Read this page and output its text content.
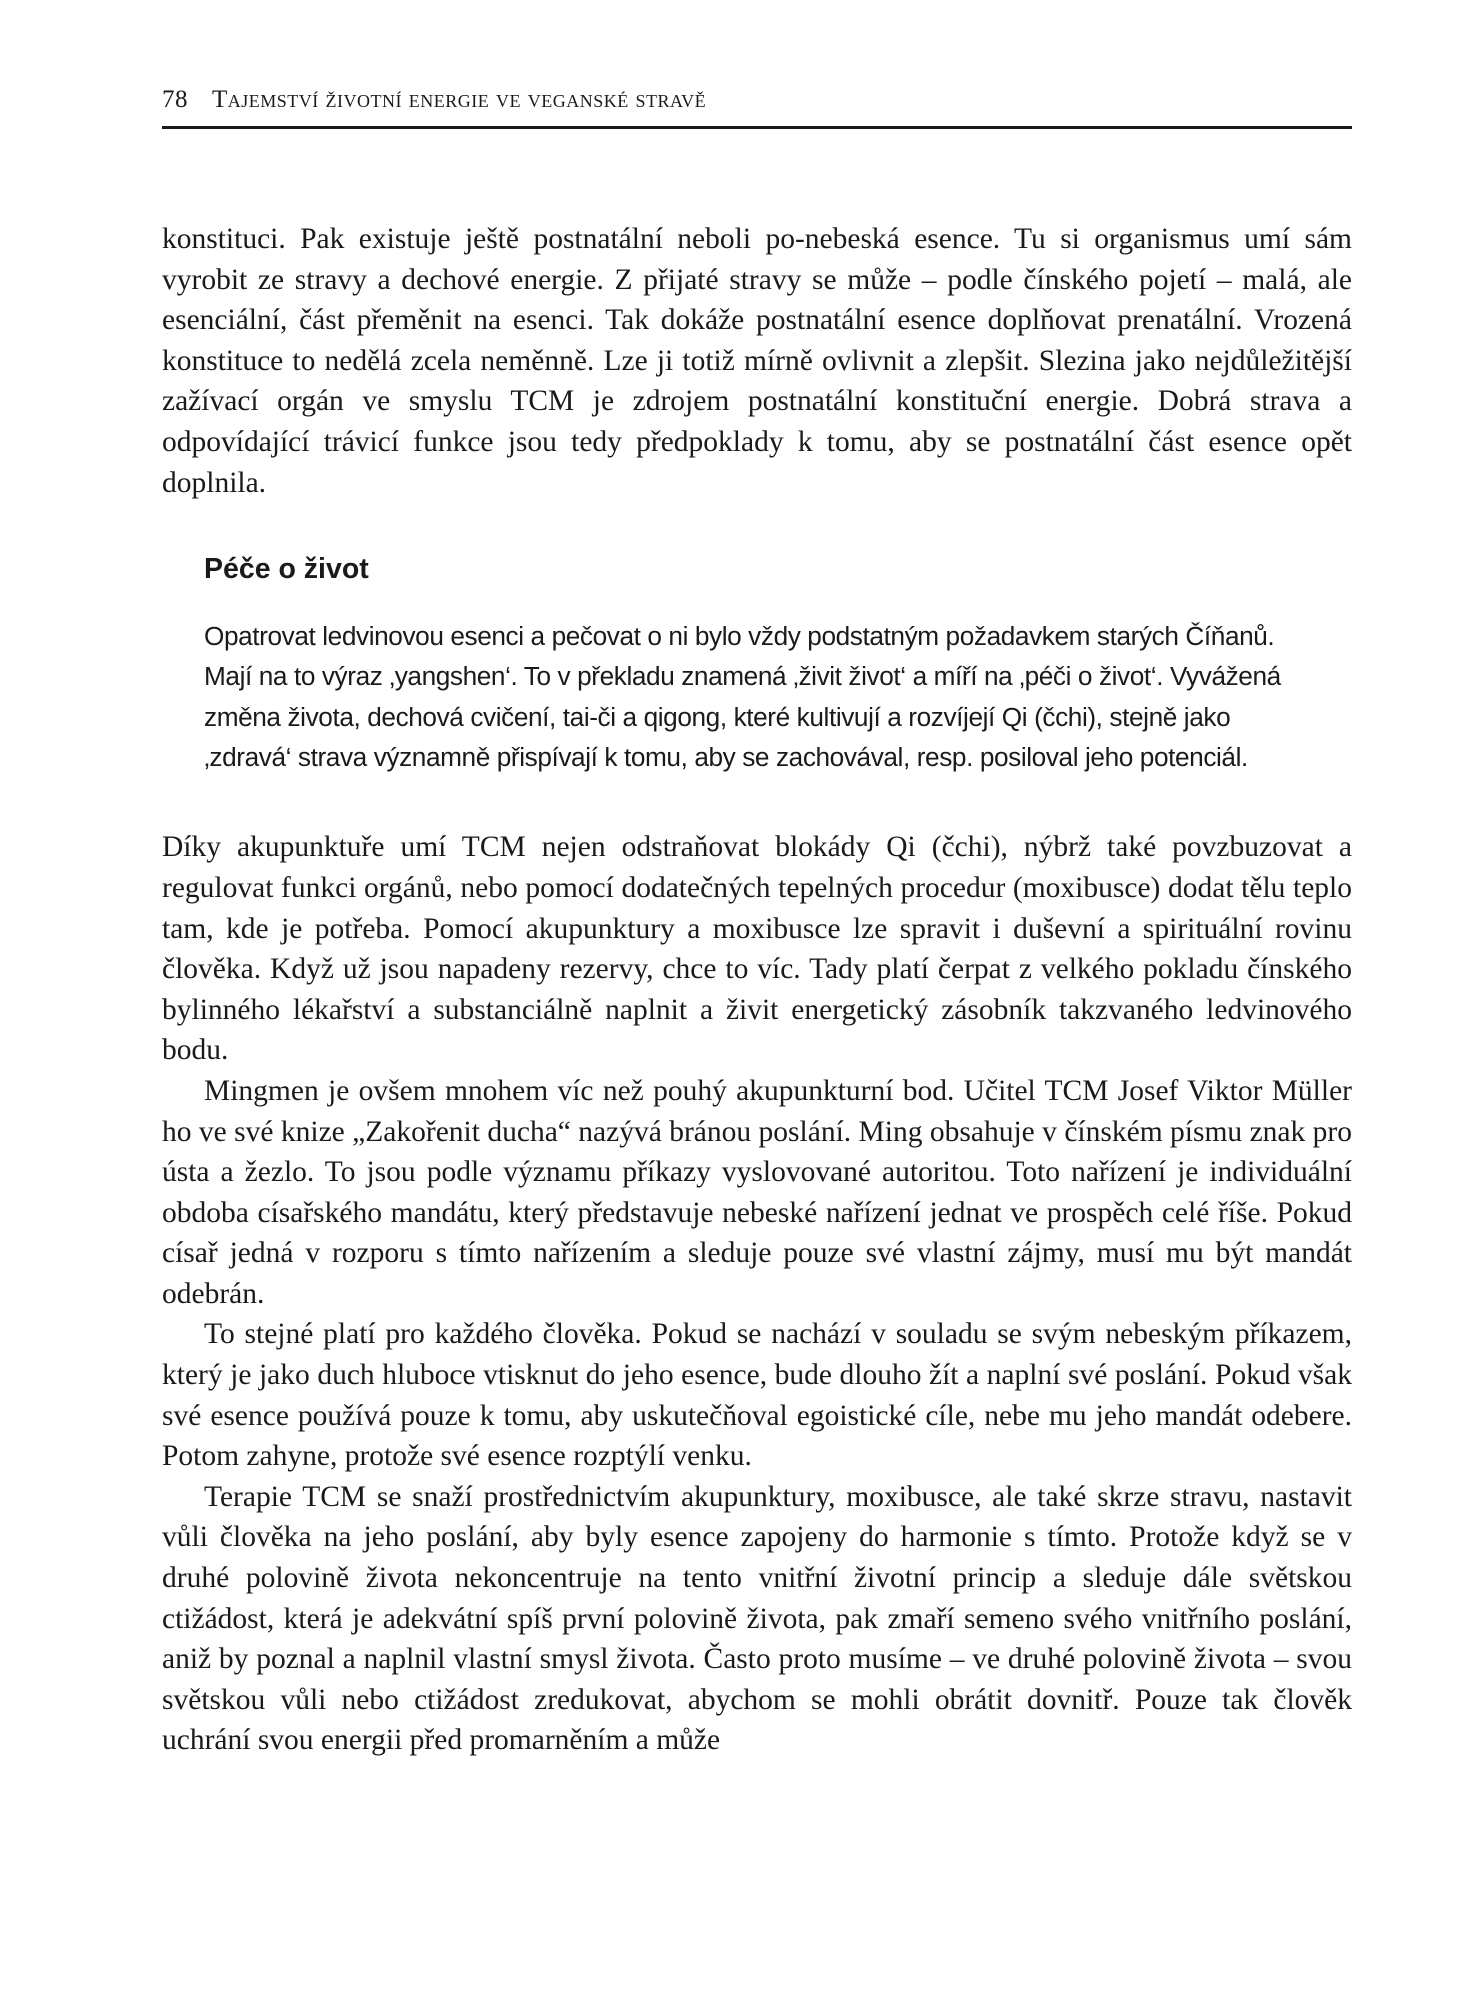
78 Tajemství životní energie ve veganské stravě

konstituci. Pak existuje ještě postnatální neboli po-nebeská esence. Tu si organismus umí sám vyrobit ze stravy a dechové energie. Z přijaté stravy se může – podle čínského pojetí – malá, ale esenciální, část přeměnit na esenci. Tak dokáže postnatální esence doplňovat prenatální. Vrozená konstituce to nedělá zcela neměnně. Lze ji totiž mírně ovlivnit a zlepšit. Slezina jako nejdůležitější zažívací orgán ve smyslu TCM je zdrojem postnatální konstituční energie. Dobrá strava a odpovídající trávicí funkce jsou tedy předpoklady k tomu, aby se postnatální část esence opět doplnila.

Péče o život

Opatrovat ledvinovou esenci a pečovat o ni bylo vždy podstatným požadavkem starých Číňanů. Mají na to výraz ‚yangshen‘. To v překladu znamená ‚živit život‘ a míří na ‚péči o život‘. Vyvážená změna života, dechová cvičení, tai-či a qigong, které kultivují a rozvíjejí Qi (čchi), stejně jako ‚zdravá‘ strava významně přispívají k tomu, aby se zachovával, resp. posiloval jeho potenciál.

Díky akupunktuře umí TCM nejen odstraňovat blokády Qi (čchi), nýbrž také povzbuzovat a regulovat funkci orgánů, nebo pomocí dodatečných tepelných procedur (moxibusce) dodat tělu teplo tam, kde je potřeba. Pomocí akupunktury a moxibusce lze spravit i duševní a spirituální rovinu člověka. Když už jsou napadeny rezervy, chce to víc. Tady platí čerpat z velkého pokladu čínského bylinného lékařství a substanciálně naplnit a živit energetický zásobník takzvaného ledvinového bodu.

Mingmen je ovšem mnohem víc než pouhý akupunkturní bod. Učitel TCM Josef Viktor Müller ho ve své knize „Zakořenit ducha“ nazývá bránou poslání. Ming obsahuje v čínském písmu znak pro ústa a žezlo. To jsou podle významu příkazy vyslovované autoritou. Toto nařízení je individuální obdoba císařského mandátu, který představuje nebeské nařízení jednat ve prospěch celé říše. Pokud císař jedná v rozporu s tímto nařízením a sleduje pouze své vlastní zájmy, musí mu být mandát odebrán.

To stejné platí pro každého člověka. Pokud se nachází v souladu se svým nebeským příkazem, který je jako duch hluboce vtisknut do jeho esence, bude dlouho žít a naplní své poslání. Pokud však své esence používá pouze k tomu, aby uskutečňoval egoistické cíle, nebe mu jeho mandát odebere. Potom zahyne, protože své esence rozptýlí venku.

Terapie TCM se snaží prostřednictvím akupunktury, moxibusce, ale také skrze stravu, nastavit vůli člověka na jeho poslání, aby byly esence zapojeny do harmonie s tímto. Protože když se v druhé polovině života nekoncentruje na tento vnitřní životní princip a sleduje dále světskou ctižádost, která je adekvátní spíš první polovině života, pak zmaří semeno svého vnitřního poslání, aniž by poznal a naplnil vlastní smysl života. Často proto musíme – ve druhé polovině života – svou světskou vůli nebo ctižádost zredukovat, abychom se mohli obrátit dovnitř. Pouze tak člověk uchrání svou energii před promarněním a může
